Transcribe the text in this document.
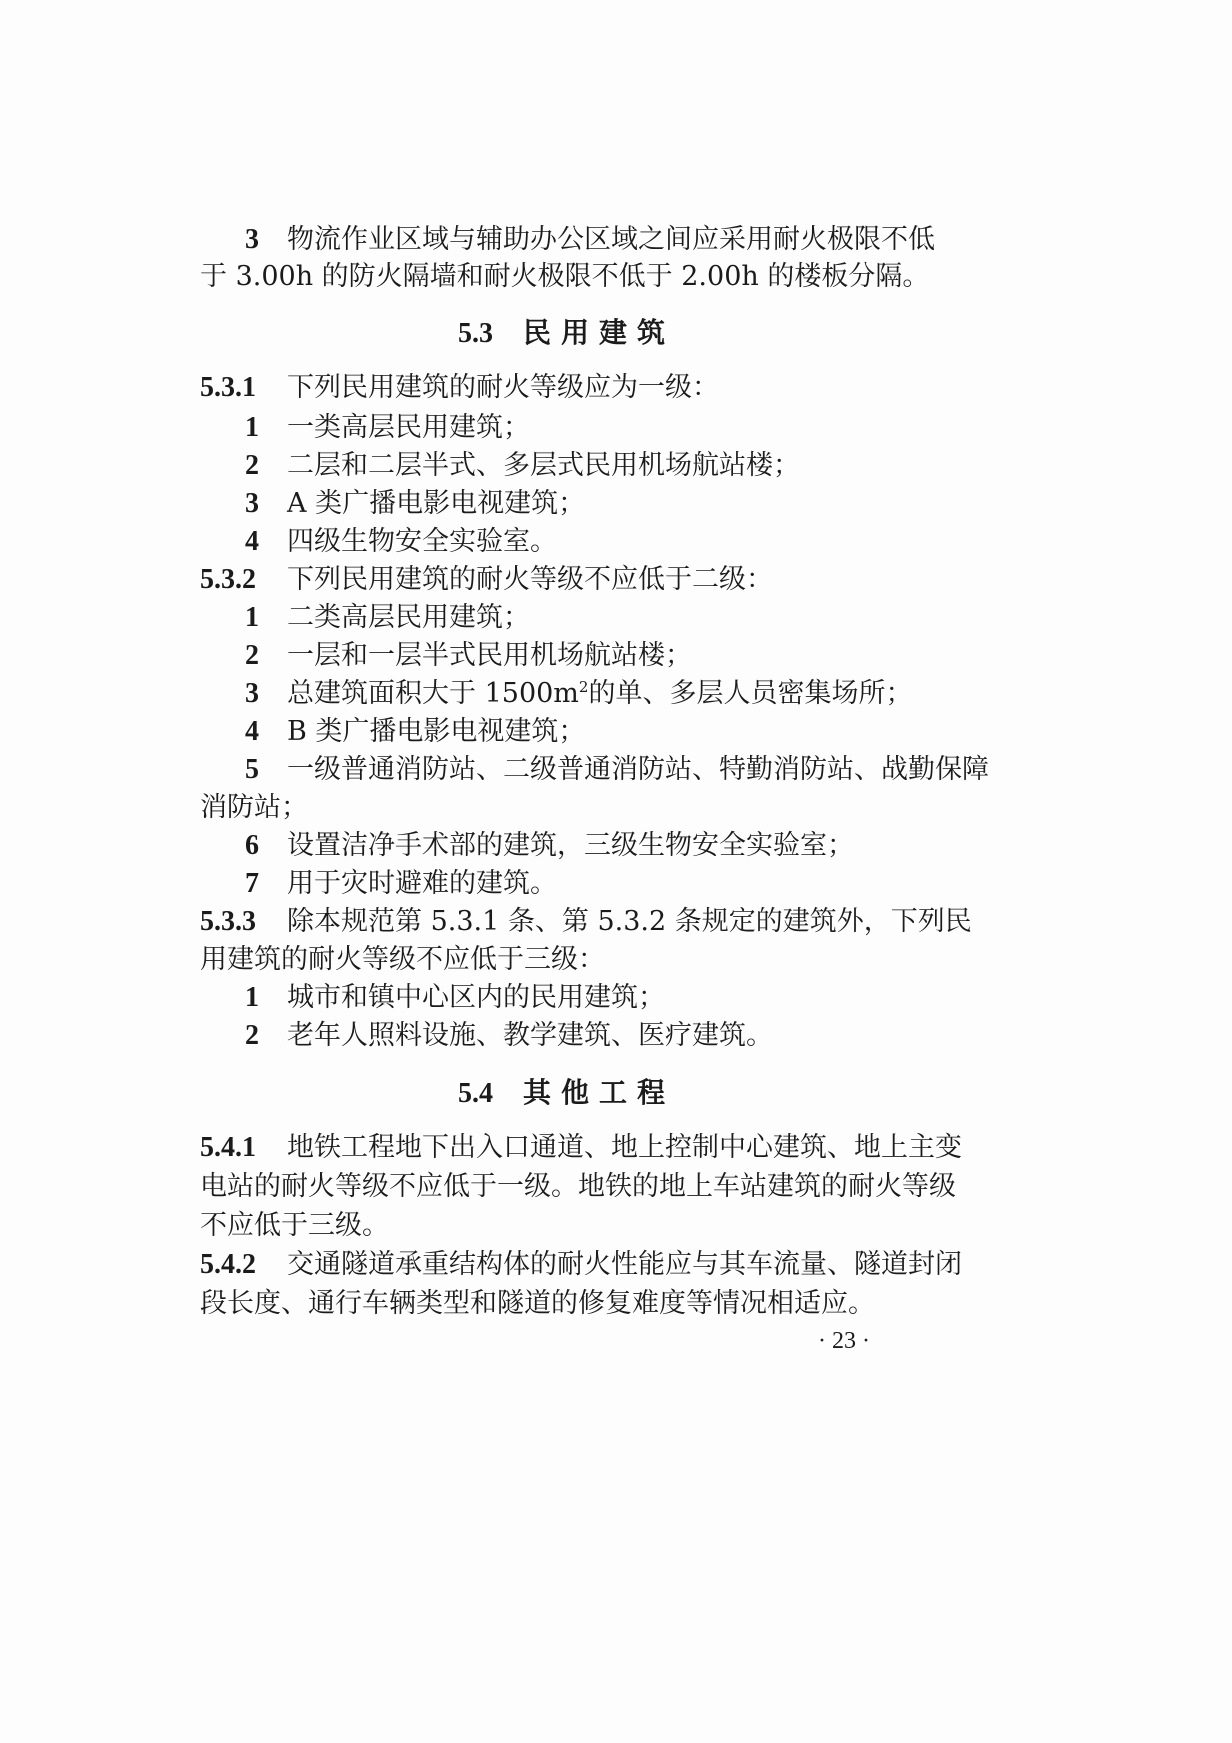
3 物流作业区域与辅助办公区域之间应采用耐火极限不低
于 3.00h 的防火隔墙和耐火极限不低于 2.00h 的楼板分隔。
5.3 民用建筑
5.3.1 下列民用建筑的耐火等级应为一级：
1 一类高层民用建筑；
2 二层和二层半式、多层式民用机场航站楼；
3 A 类广播电影电视建筑；
4 四级生物安全实验室。
5.3.2 下列民用建筑的耐火等级不应低于二级：
1 二类高层民用建筑；
2 一层和一层半式民用机场航站楼；
3 总建筑面积大于 $1500m^2$的单、多层人员密集场所；
4 B 类广播电影电视建筑；
5 一级普通消防站、二级普通消防站、特勤消防站、战勤保障
消防站；
6 设置洁净手术部的建筑，三级生物安全实验室；
7 用于灾时避难的建筑。
5.3.3 除本规范第 5.3.1 条、第 5.3.2 条规定的建筑外，下列民
用建筑的耐火等级不应低于三级：
1 城市和镇中心区内的民用建筑；
2 老年人照料设施、教学建筑、医疗建筑。
5.4 其他工程
5.4.1 地铁工程地下出入口通道、地上控制中心建筑、地上主变
电站的耐火等级不应低于一级。地铁的地上车站建筑的耐火等级
不应低于三级。
5.4.2 交通隧道承重结构体的耐火性能应与其车流量、隧道封闭
段长度、通行车辆类型和隧道的修复难度等情况相适应。
· 23 ·
